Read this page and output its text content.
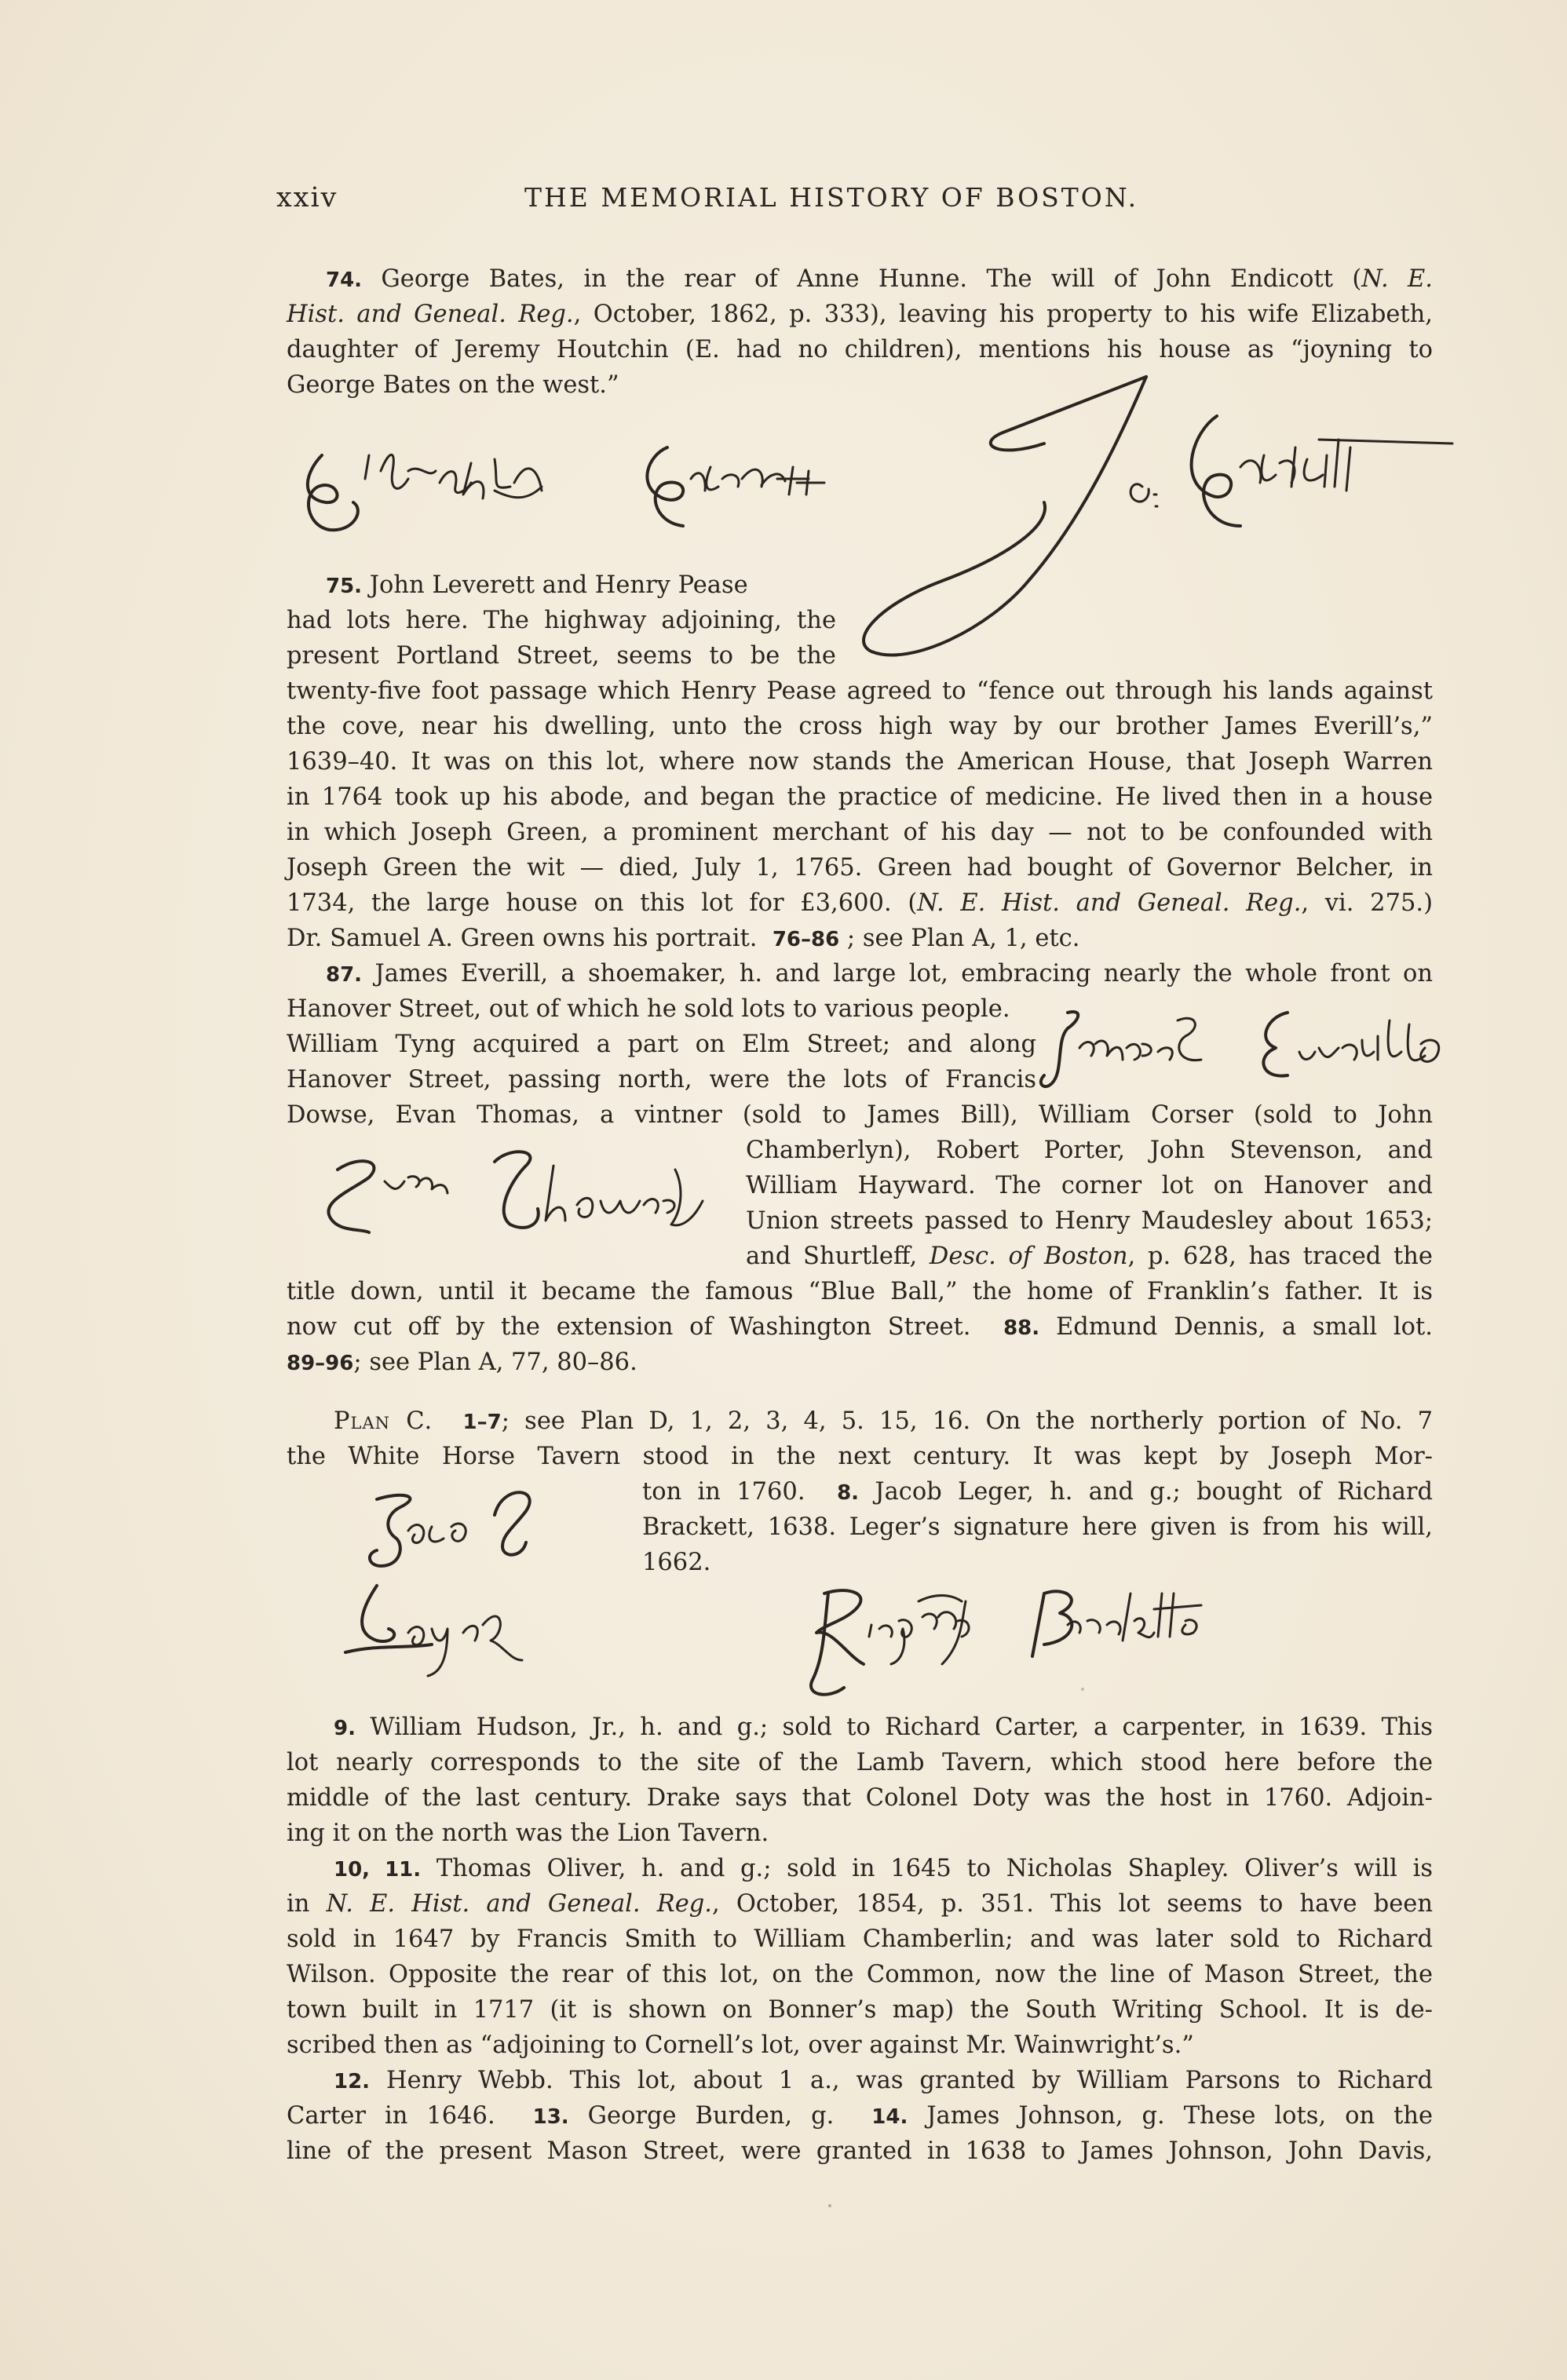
xxiv	THE MEMORIAL HISTORY OF BOSTON.
74. George Bates, in the rear of Anne Hunne. The will of John Endicott (N. E.
Hist. and Geneal. Reg., October, 1862, p. 333), leaving his property to his wife Elizabeth,
daughter of Jeremy Houtchin (E. had no children), mentions his house as “joyning to
George Bates on the west.”
75. John Leverett and Henry Pease
had lots here. The highway adjoining, the
present Portland Street, seems to be the
twenty-five foot passage which Henry Pease agreed to “fence out through his lands against
the cove, near his dwelling, unto the cross high way by our brother James Everill’s,”
1639–40. It was on this lot, where now stands the American House, that Joseph Warren
in 1764 took up his abode, and began the practice of medicine. He lived then in a house
in which Joseph Green, a prominent merchant of his day — not to be confounded with
Joseph Green the wit — died, July 1, 1765. Green had bought of Governor Belcher, in
1734, the large house on this lot for £3,600. (N. E. Hist. and Geneal. Reg., vi. 275.)
Dr. Samuel A. Green owns his portrait. 76–86 ; see Plan A, 1, etc.
87. James Everill, a shoemaker, h. and large lot, embracing nearly the whole front on
Hanover Street, out of which he sold lots to various people.
William Tyng acquired a part on Elm Street; and along
Hanover Street, passing north, were the lots of Francis
Dowse, Evan Thomas, a vintner (sold to James Bill), William Corser (sold to John
Chamberlyn), Robert Porter, John Stevenson, and
William Hayward. The corner lot on Hanover and
Union streets passed to Henry Maudesley about 1653;
and Shurtleff, Desc. of Boston, p. 628, has traced the
title down, until it became the famous “Blue Ball,” the home of Franklin’s father. It is
now cut off by the extension of Washington Street. 88. Edmund Dennis, a small lot.
89–96; see Plan A, 77, 80–86.
Plan C. 1–7; see Plan D, 1, 2, 3, 4, 5. 15, 16. On the northerly portion of No. 7
the White Horse Tavern stood in the next century. It was kept by Joseph Mor-
ton in 1760. 8. Jacob Leger, h. and g.; bought of Richard
Brackett, 1638. Leger’s signature here given is from his will,
1662.
9. William Hudson, Jr., h. and g.; sold to Richard Carter, a carpenter, in 1639. This
lot nearly corresponds to the site of the Lamb Tavern, which stood here before the
middle of the last century. Drake says that Colonel Doty was the host in 1760. Adjoin-
ing it on the north was the Lion Tavern.
10, 11. Thomas Oliver, h. and g.; sold in 1645 to Nicholas Shapley. Oliver’s will is
in N. E. Hist. and Geneal. Reg., October, 1854, p. 351. This lot seems to have been
sold in 1647 by Francis Smith to William Chamberlin; and was later sold to Richard
Wilson. Opposite the rear of this lot, on the Common, now the line of Mason Street, the
town built in 1717 (it is shown on Bonner’s map) the South Writing School. It is de-
scribed then as “adjoining to Cornell’s lot, over against Mr. Wainwright’s.”
12. Henry Webb. This lot, about 1 a., was granted by William Parsons to Richard
Carter in 1646. 13. George Burden, g. 14. James Johnson, g. These lots, on the
line of the present Mason Street, were granted in 1638 to James Johnson, John Davis,
